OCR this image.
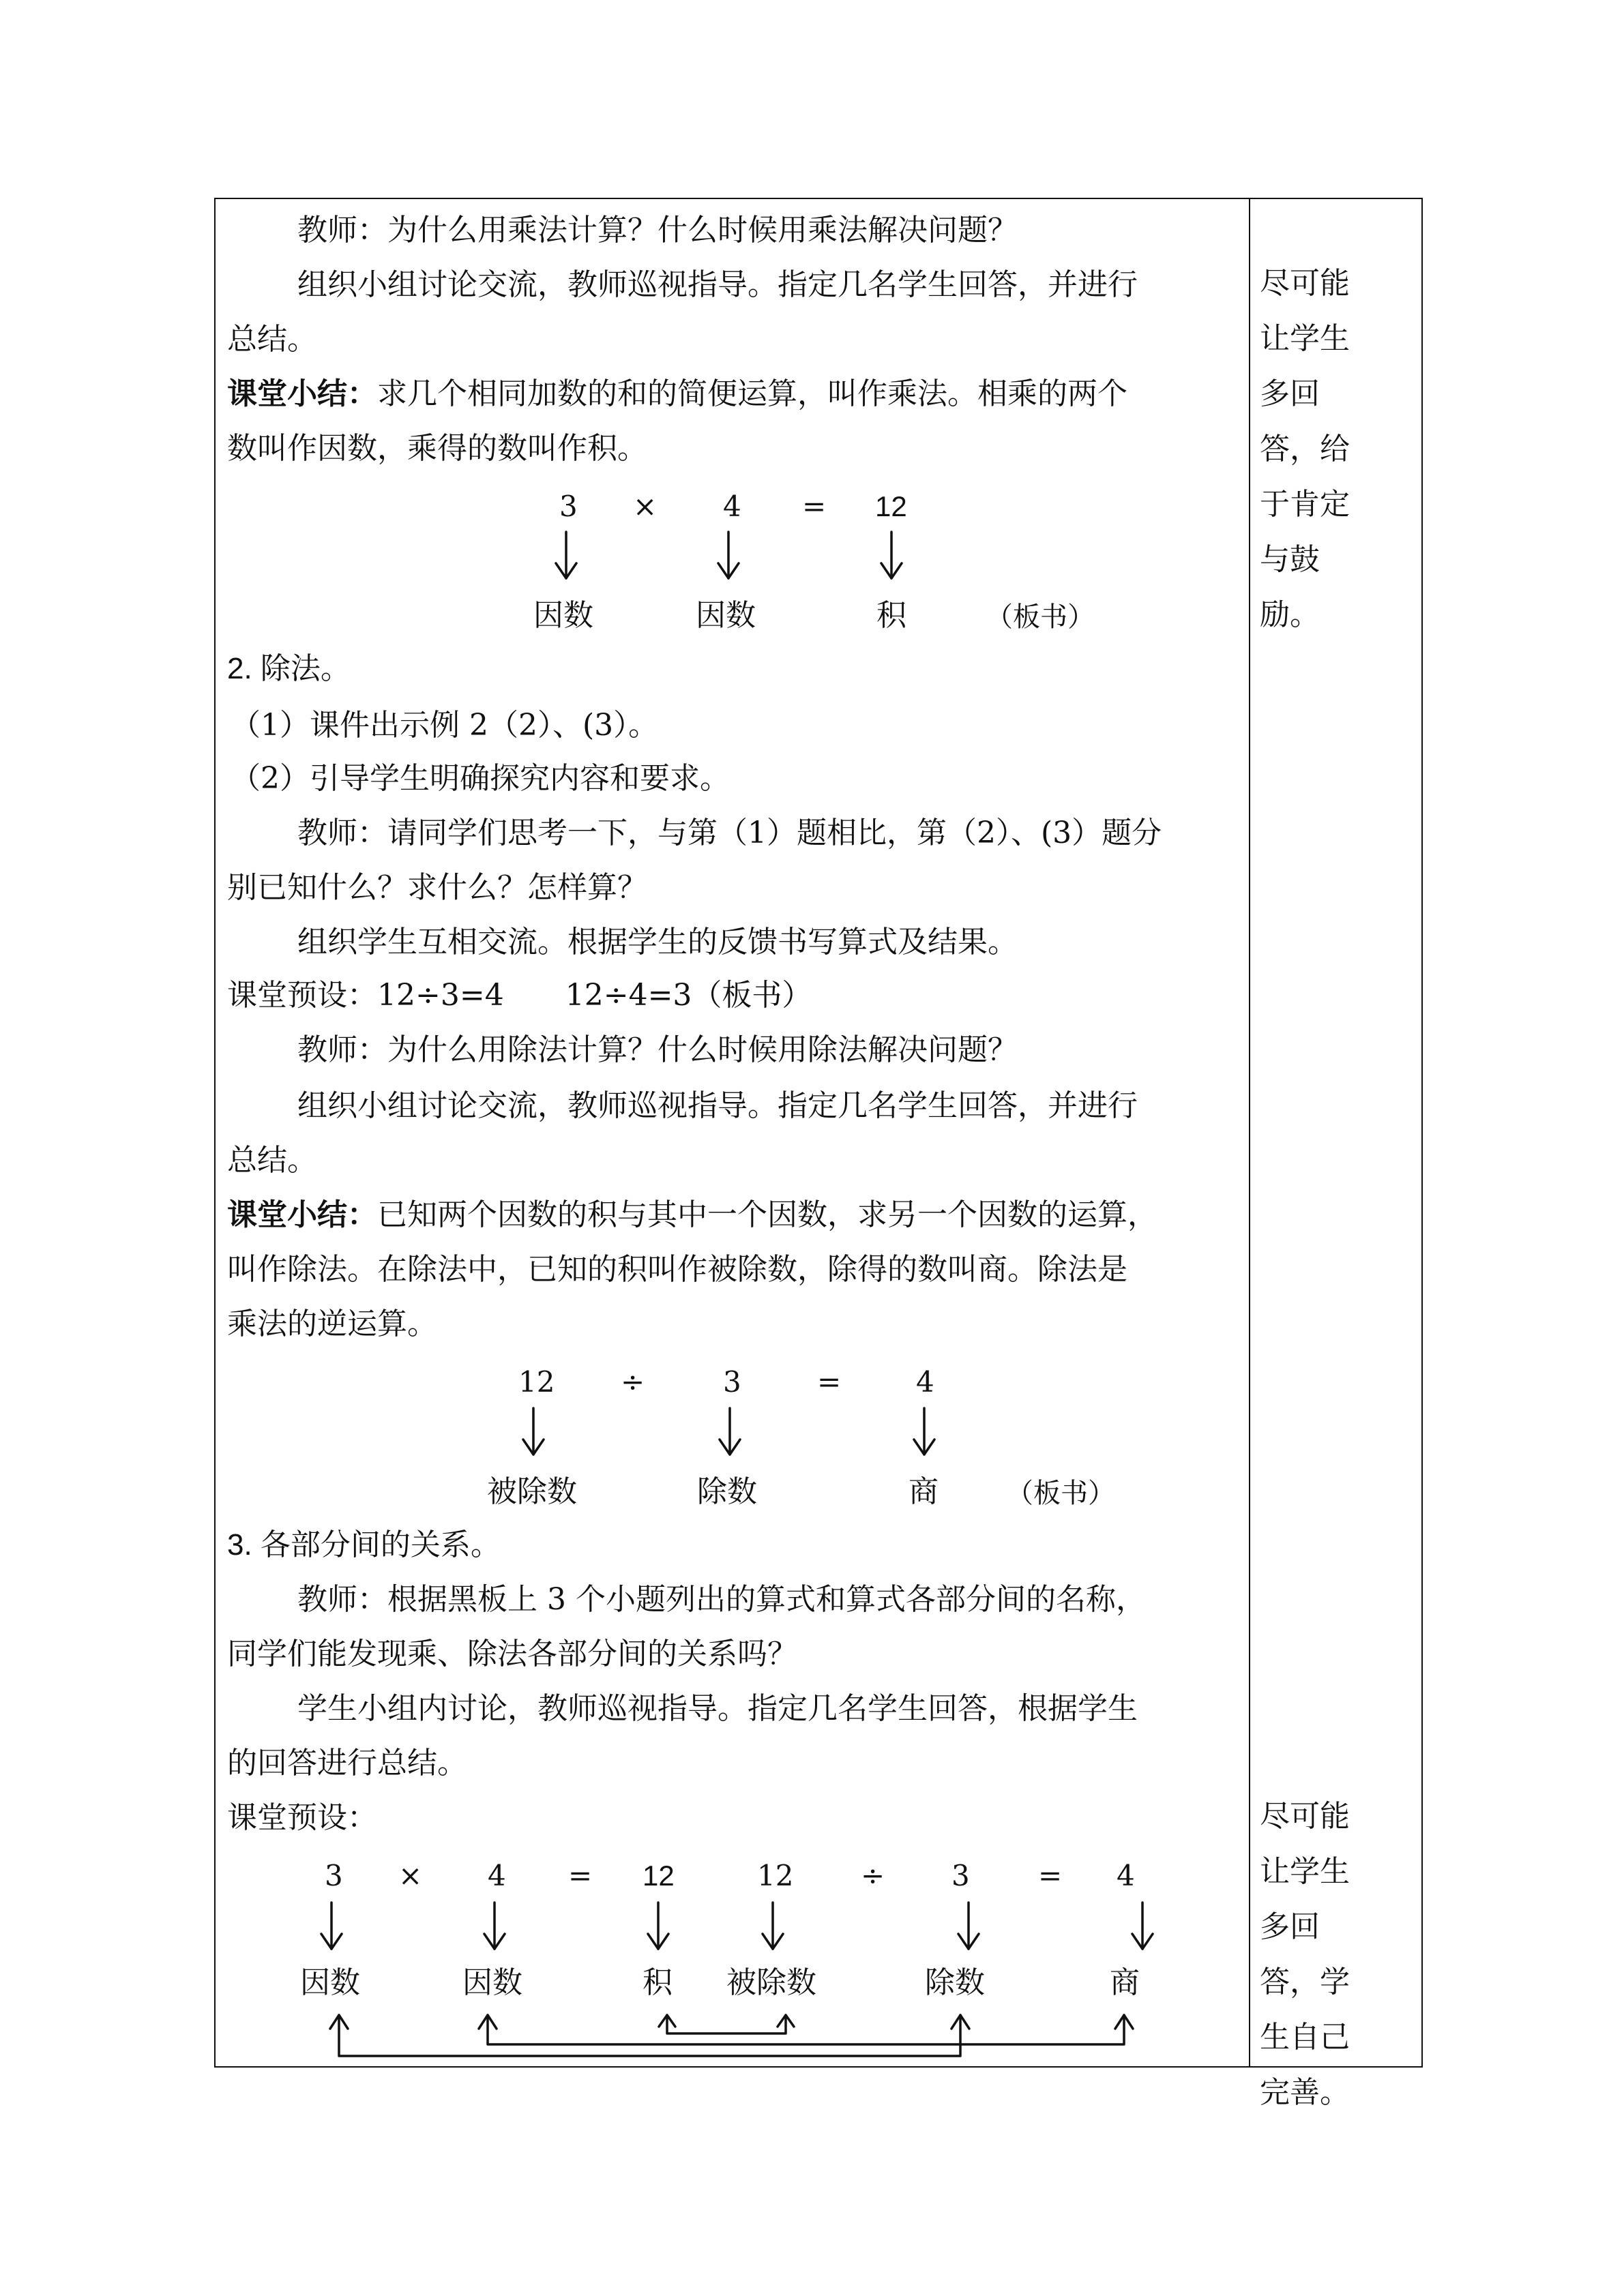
教师：为什么用乘法计算？什么时候用乘法解决问题？
组织小组讨论交流，教师巡视指导。指定几名学生回答，并进行
总结。
课堂小结：求几个相同加数的和的简便运算，叫作乘法。相乘的两个
数叫作因数，乘得的数叫作积。
3 × 4 = 12
因数	因数	积	（板书）
2. 除法。
（1）课件出示例 2（2）、(3）。
（2）引导学生明确探究内容和要求。
教师：请同学们思考一下，与第（1）题相比，第（2）、(3）题分
别已知什么？求什么？怎样算？
组织学生互相交流。根据学生的反馈书写算式及结果。
课堂预设：12÷3=4 12÷4=3（板书）
教师：为什么用除法计算？什么时候用除法解决问题？
组织小组讨论交流，教师巡视指导。指定几名学生回答，并进行
总结。
课堂小结：已知两个因数的积与其中一个因数，求另一个因数的运算，
叫作除法。在除法中，已知的积叫作被除数，除得的数叫商。除法是
乘法的逆运算。
12 ÷	3	=	4
被除数	除数	商 （板书）
3. 各部分间的关系。
教师：根据黑板上 3 个小题列出的算式和算式各部分间的名称，
同学们能发现乘、除法各部分间的关系吗？
学生小组内讨论，教师巡视指导。指定几名学生回答，根据学生
的回答进行总结。
课堂预设：
3 × 4 = 12	12 ÷ 3 = 4
因数	因数	积 被除数	除数	商
尽可能让学生多回答，给于肯定与鼓励。
尽可能让学生多回答，学生自己完善。
